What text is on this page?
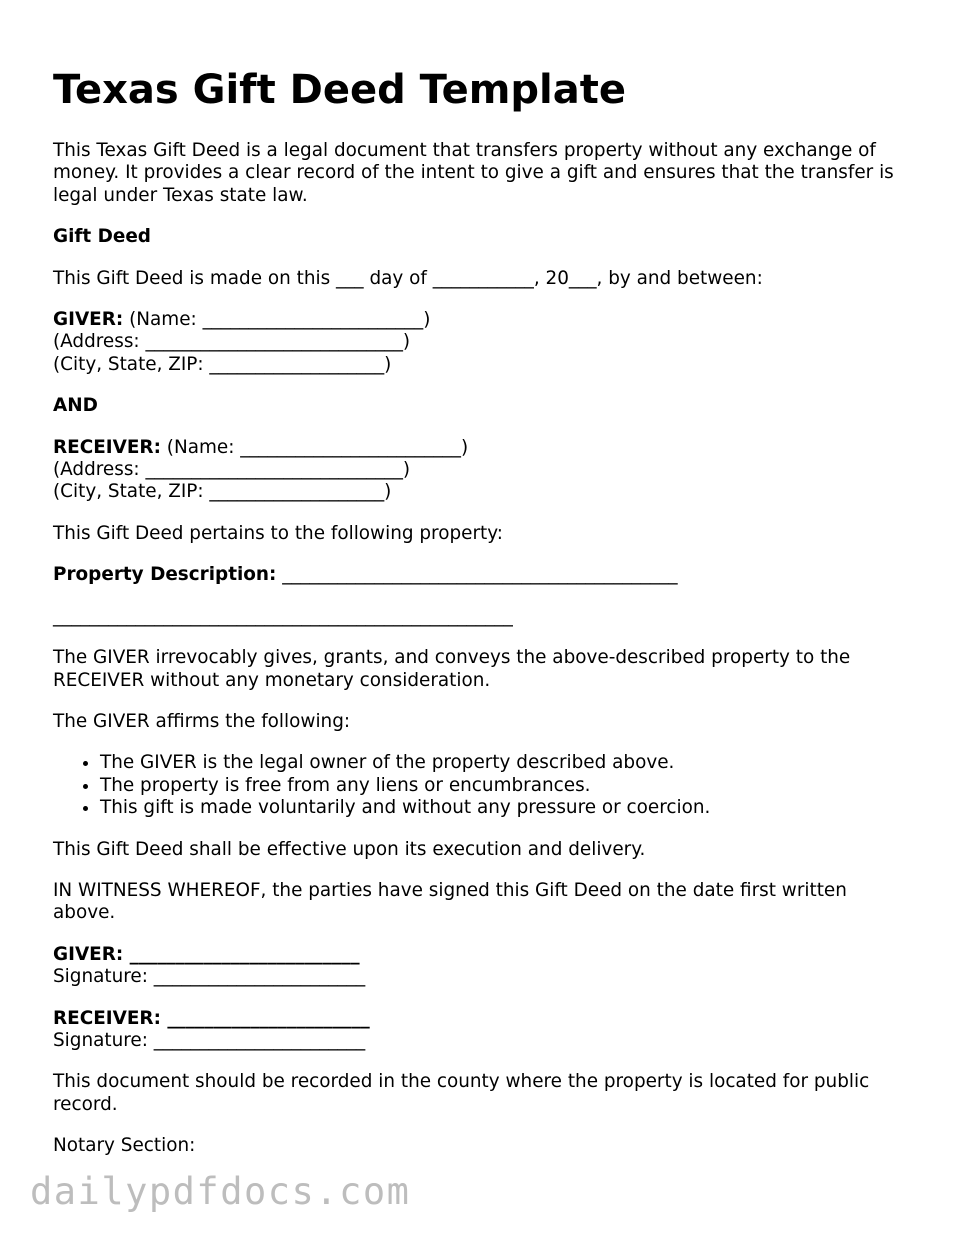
Texas Gift Deed Template

This Texas Gift Deed is a legal document that transfers property without any exchange of money. It provides a clear record of the intent to give a gift and ensures that the transfer is legal under Texas state law.

Gift Deed

This Gift Deed is made on this ___ day of ___________, 20___, by and between:

GIVER: (Name: ________________________)
(Address: ____________________________)
(City, State, ZIP: ___________________)

AND

RECEIVER: (Name: ________________________)
(Address: ____________________________)
(City, State, ZIP: ___________________)

This Gift Deed pertains to the following property:

Property Description: ___________________________________________

__________________________________________________

The GIVER irrevocably gives, grants, and conveys the above-described property to the RECEIVER without any monetary consideration.

The GIVER affirms the following:

• The GIVER is the legal owner of the property described above.
• The property is free from any liens or encumbrances.
• This gift is made voluntarily and without any pressure or coercion.

This Gift Deed shall be effective upon its execution and delivery.

IN WITNESS WHEREOF, the parties have signed this Gift Deed on the date first written above.

GIVER: _________________________
Signature: _______________________

RECEIVER: ______________________
Signature: _______________________

This document should be recorded in the county where the property is located for public record.

Notary Section:

dailypdfdocs.com
